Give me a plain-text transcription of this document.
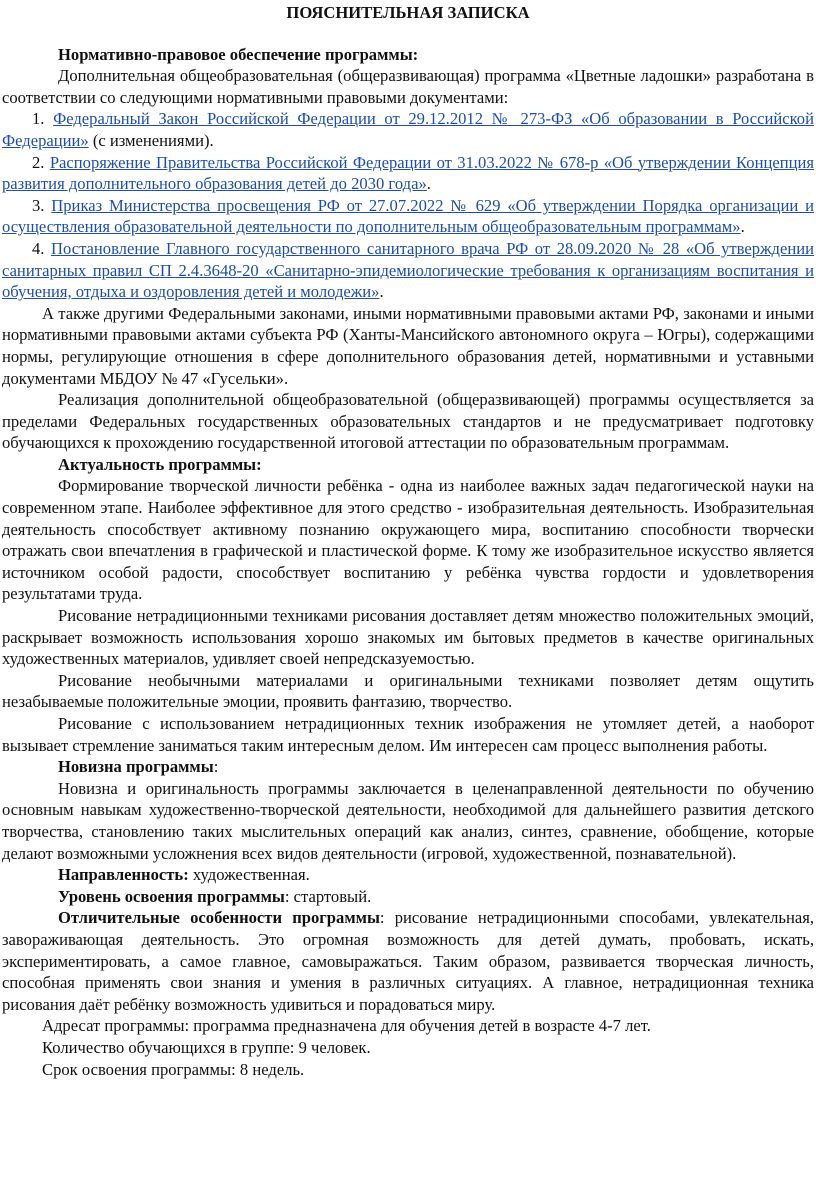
ПОЯСНИТЕЛЬНАЯ ЗАПИСКА

Нормативно-правовое обеспечение программы:

Дополнительная общеобразовательная (общеразвивающая) программа «Цветные ладошки» разработана в соответствии со следующими нормативными правовыми документами:

1. Федеральный Закон Российской Федерации от 29.12.2012 № 273-ФЗ «Об образовании в Российской Федерации» (с изменениями).

2. Распоряжение Правительства Российской Федерации от 31.03.2022 № 678-р «Об утверждении Концепция развития дополнительного образования детей до 2030 года».

3. Приказ Министерства просвещения РФ от 27.07.2022 № 629 «Об утверждении Порядка организации и осуществления образовательной деятельности по дополнительным общеобразовательным программам».

4. Постановление Главного государственного санитарного врача РФ от 28.09.2020 № 28 «Об утверждении санитарных правил СП 2.4.3648-20 «Санитарно-эпидемиологические требования к организациям воспитания и обучения, отдыха и оздоровления детей и молодежи».

А также другими Федеральными законами, иными нормативными правовыми актами РФ, законами и иными нормативными правовыми актами субъекта РФ (Ханты-Мансийского автономного округа – Югры), содержащими нормы, регулирующие отношения в сфере дополнительного образования детей, нормативными и уставными документами МБДОУ № 47 «Гусельки».

Реализация дополнительной общеобразовательной (общеразвивающей) программы осуществляется за пределами Федеральных государственных образовательных стандартов и не предусматривает подготовку обучающихся к прохождению государственной итоговой аттестации по образовательным программам.

Актуальность программы:

Формирование творческой личности ребёнка - одна из наиболее важных задач педагогической науки на современном этапе. Наиболее эффективное для этого средство - изобразительная деятельность. Изобразительная деятельность способствует активному познанию окружающего мира, воспитанию способности творчески отражать свои впечатления в графической и пластической форме. К тому же изобразительное искусство является источником особой радости, способствует воспитанию у ребёнка чувства гордости и удовлетворения результатами труда.

Рисование нетрадиционными техниками рисования доставляет детям множество положительных эмоций, раскрывает возможность использования хорошо знакомых им бытовых предметов в качестве оригинальных художественных материалов, удивляет своей непредсказуемостью.

Рисование необычными материалами и оригинальными техниками позволяет детям ощутить незабываемые положительные эмоции, проявить фантазию, творчество.

Рисование с использованием нетрадиционных техник изображения не утомляет детей, а наоборот вызывает стремление заниматься таким интересным делом. Им интересен сам процесс выполнения работы.

Новизна программы:

Новизна и оригинальность программы заключается в целенаправленной деятельности по обучению основным навыкам художественно-творческой деятельности, необходимой для дальнейшего развития детского творчества, становлению таких мыслительных операций как анализ, синтез, сравнение, обобщение, которые делают возможными усложнения всех видов деятельности (игровой, художественной, познавательной).

Направленность: художественная.

Уровень освоения программы: стартовый.

Отличительные особенности программы: рисование нетрадиционными способами, увлекательная, завораживающая деятельность. Это огромная возможность для детей думать, пробовать, искать, экспериментировать, а самое главное, самовыражаться. Таким образом, развивается творческая личность, способная применять свои знания и умения в различных ситуациях. А главное, нетрадиционная техника рисования даёт ребёнку возможность удивиться и порадоваться миру.

Адресат программы: программа предназначена для обучения детей в возрасте 4-7 лет.

Количество обучающихся в группе: 9 человек.

Срок освоения программы: 8 недель.
